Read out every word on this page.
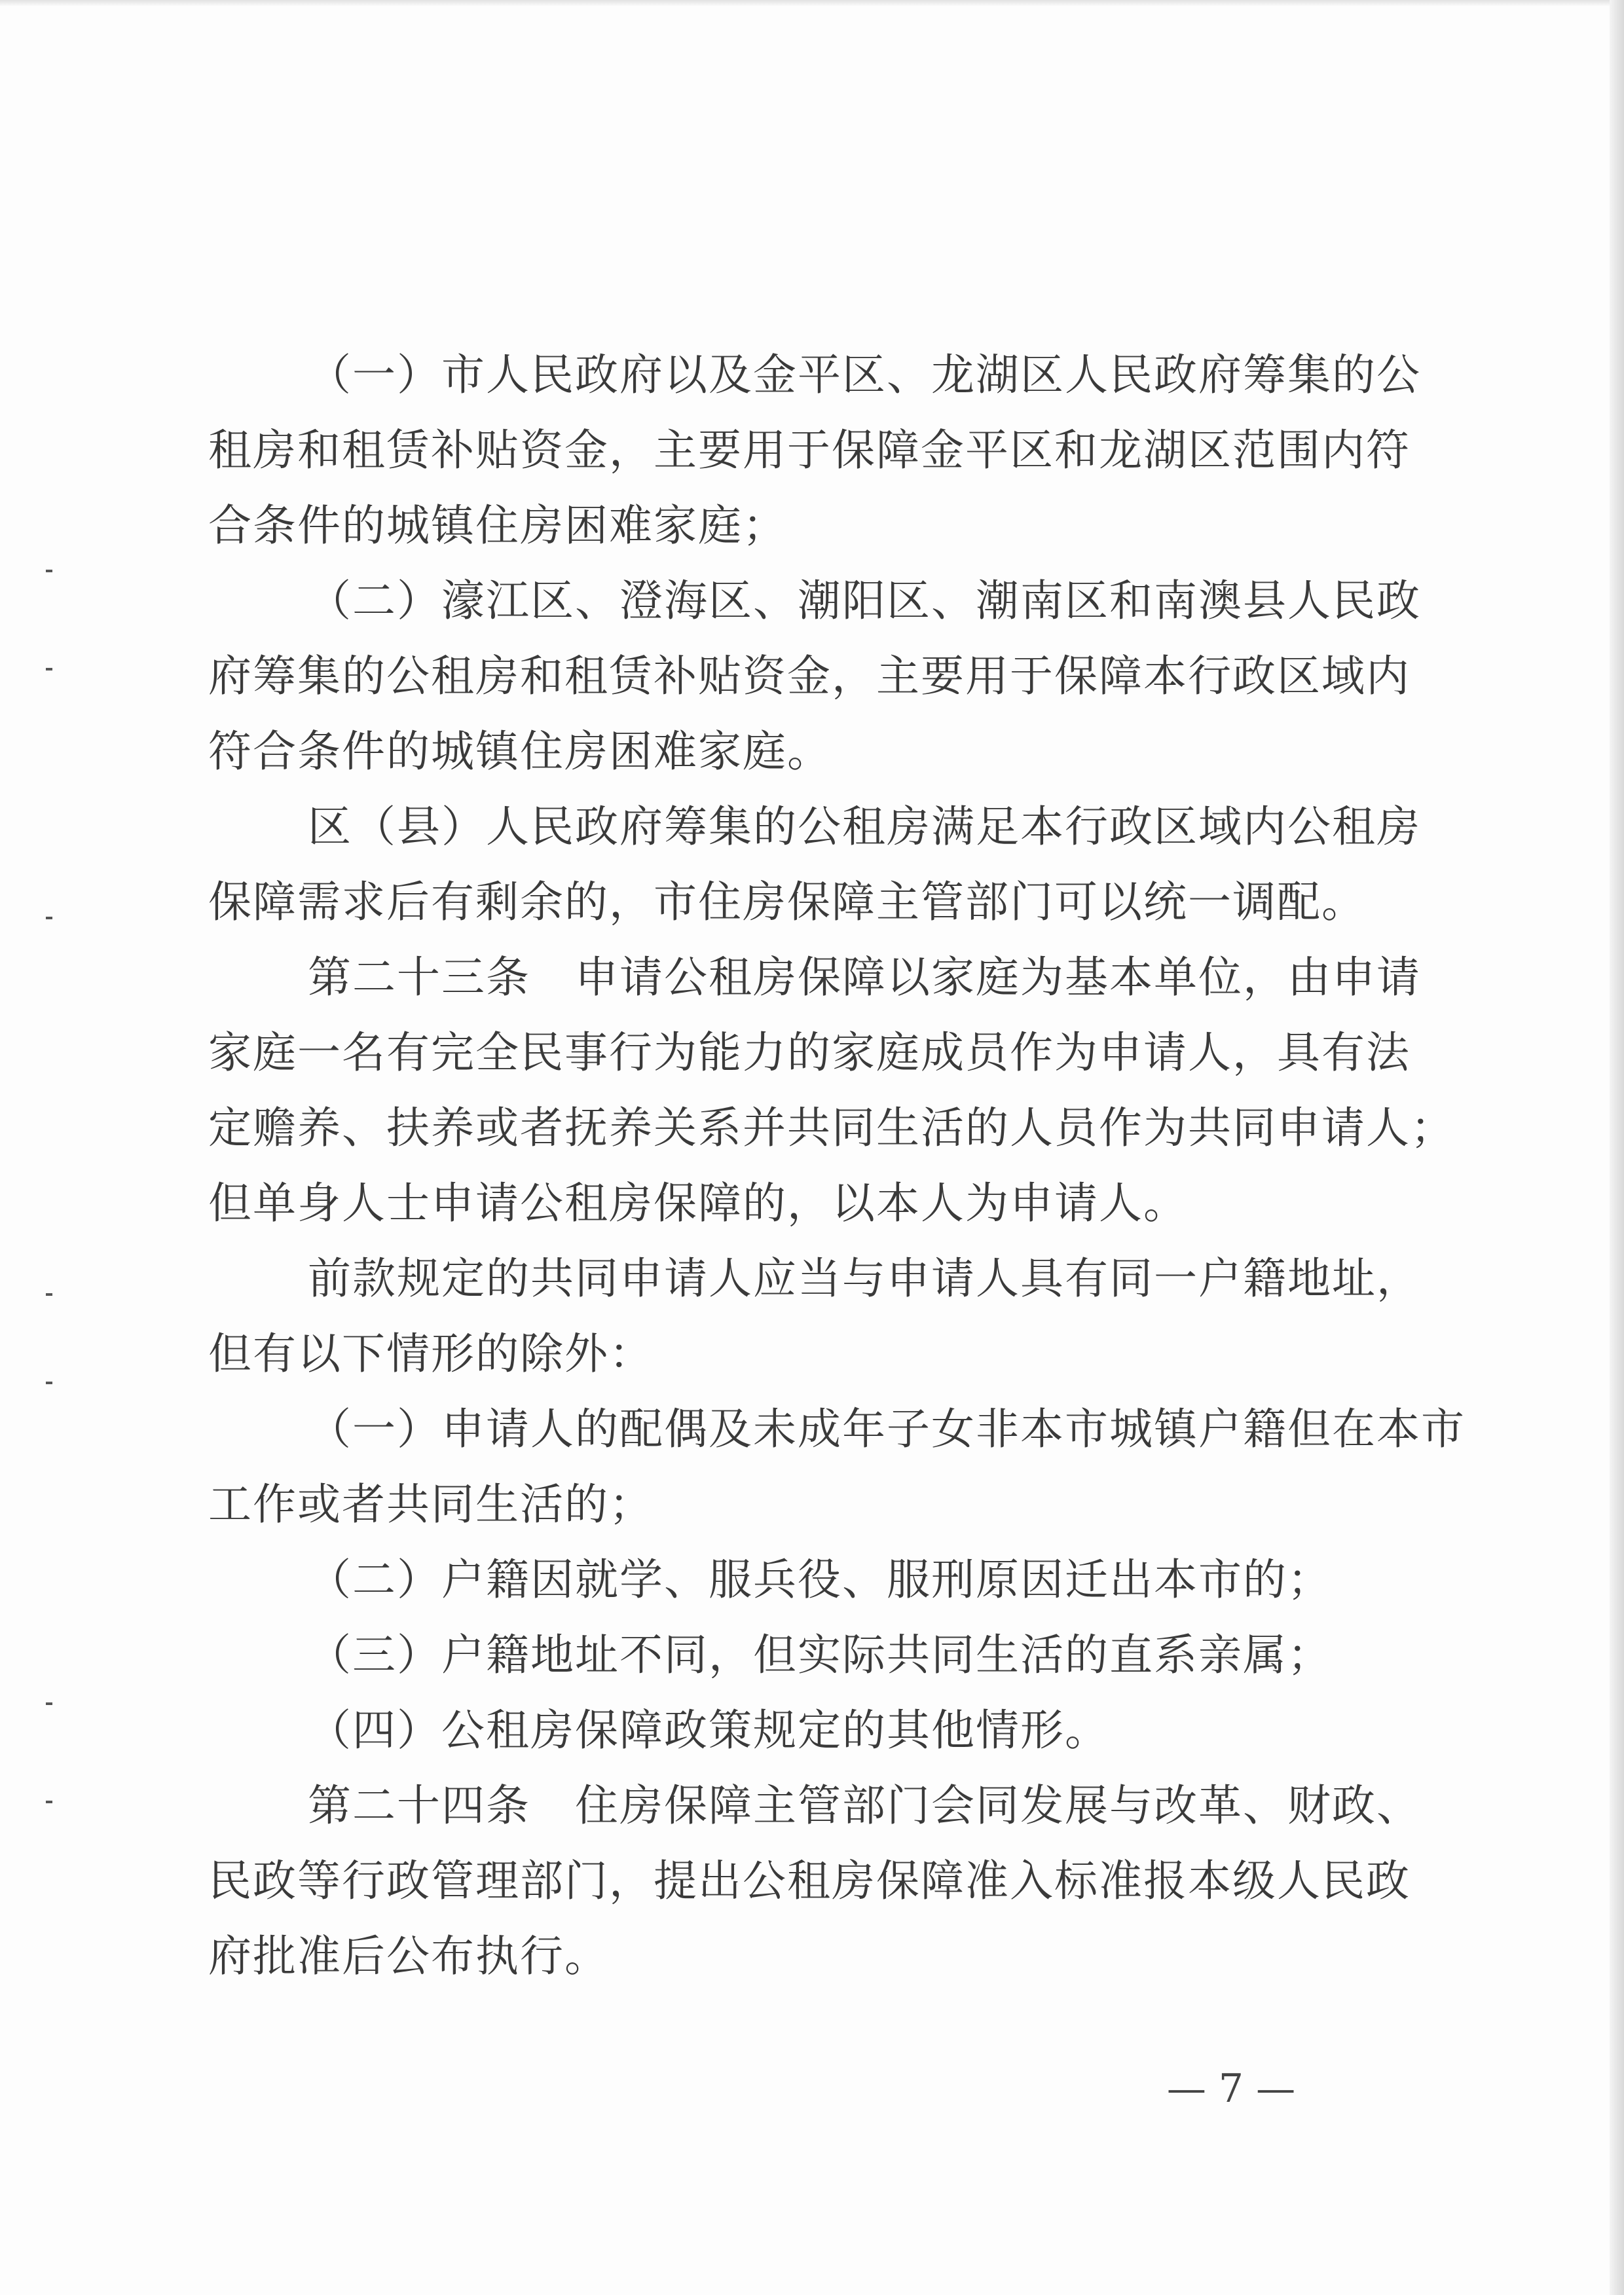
（一）市人民政府以及金平区、龙湖区人民政府筹集的公
租房和租赁补贴资金，主要用于保障金平区和龙湖区范围内符
合条件的城镇住房困难家庭；
（二）濠江区、澄海区、潮阳区、潮南区和南澳县人民政
府筹集的公租房和租赁补贴资金，主要用于保障本行政区域内
符合条件的城镇住房困难家庭。
区（县）人民政府筹集的公租房满足本行政区域内公租房
保障需求后有剩余的，市住房保障主管部门可以统一调配。
第二十三条　申请公租房保障以家庭为基本单位，由申请
家庭一名有完全民事行为能力的家庭成员作为申请人，具有法
定赡养、扶养或者抚养关系并共同生活的人员作为共同申请人；
但单身人士申请公租房保障的，以本人为申请人。
前款规定的共同申请人应当与申请人具有同一户籍地址，
但有以下情形的除外：
（一）申请人的配偶及未成年子女非本市城镇户籍但在本市
工作或者共同生活的；
（二）户籍因就学、服兵役、服刑原因迁出本市的；
（三）户籍地址不同，但实际共同生活的直系亲属；
（四）公租房保障政策规定的其他情形。
第二十四条　住房保障主管部门会同发展与改革、财政、
民政等行政管理部门，提出公租房保障准入标准报本级人民政
府批准后公布执行。
— 7 —
